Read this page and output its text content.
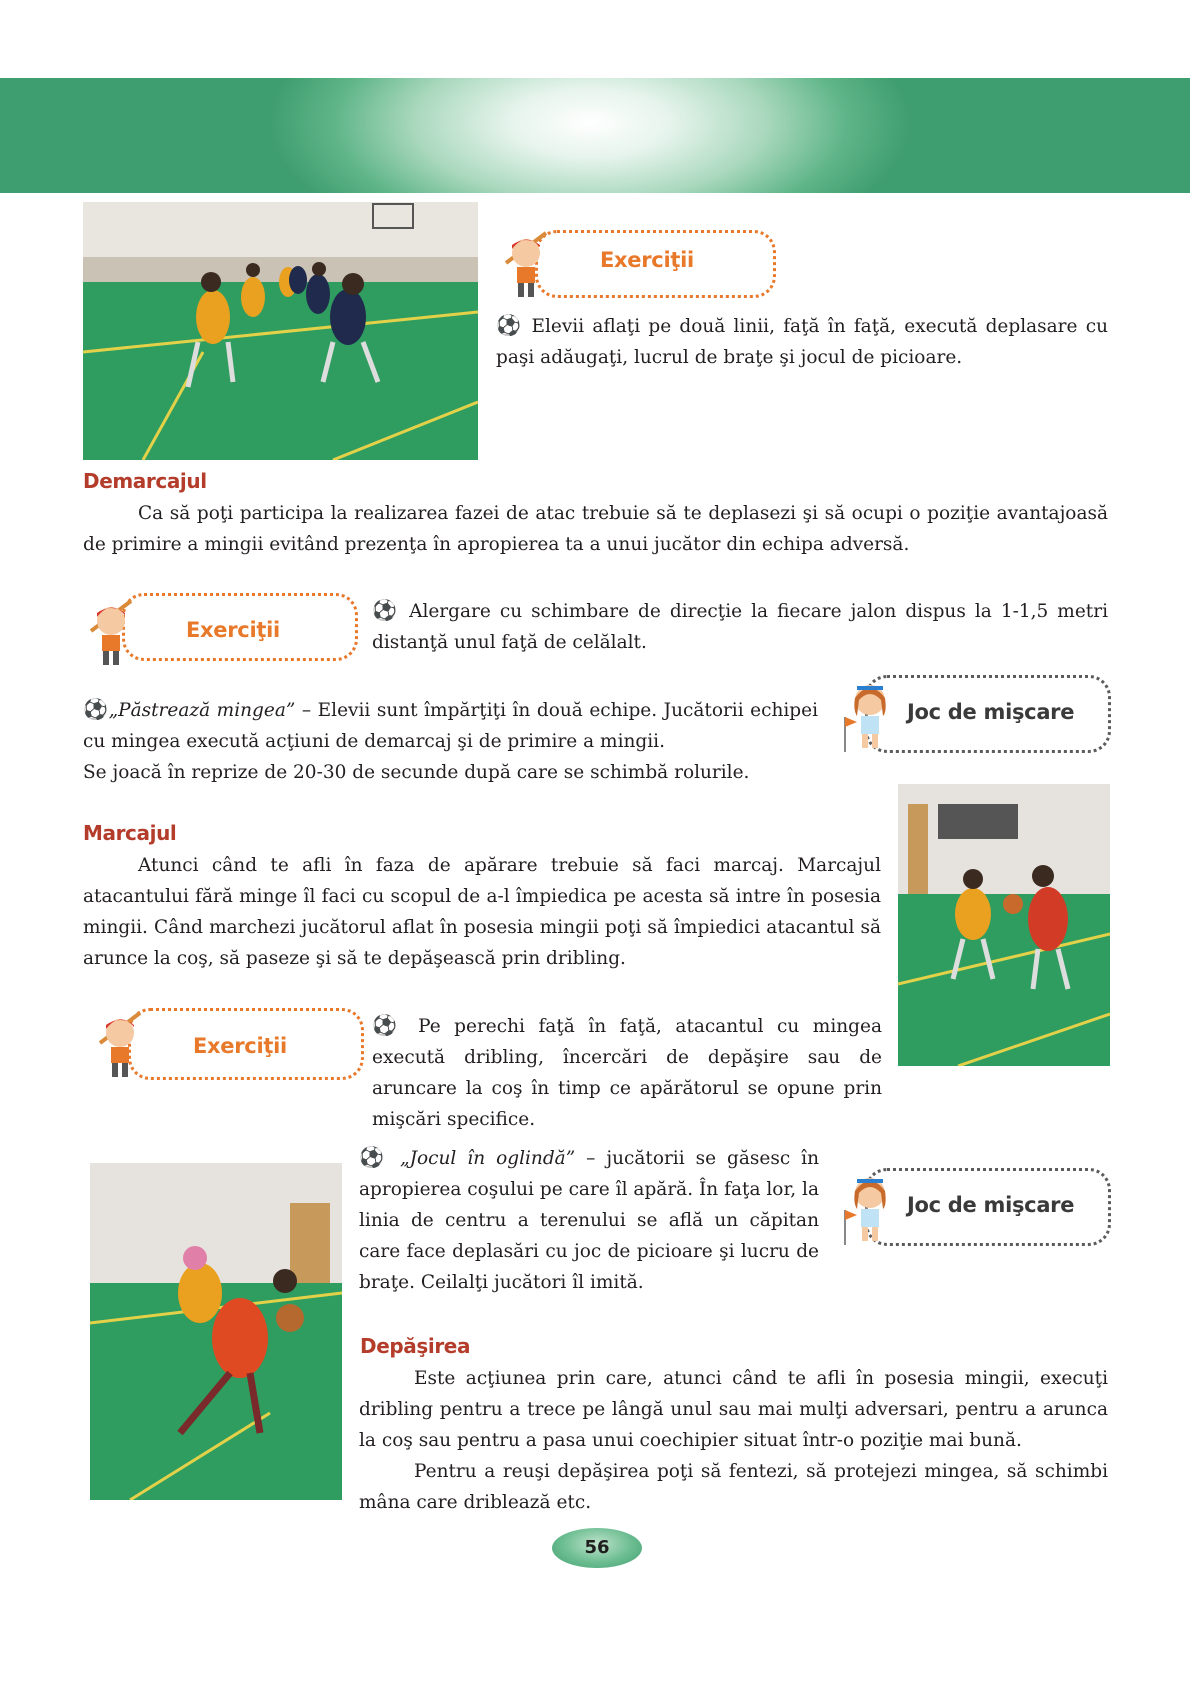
Exerciţii

⚽ Elevii aflaţi pe două linii, faţă în faţă, execută deplasare cu paşi adăugaţi, lucrul de braţe şi jocul de picioare.

Demarcajul

Ca să poţi participa la realizarea fazei de atac trebuie să te deplasezi şi să ocupi o poziţie avantajoasă de primire a mingii evitând prezenţa în apropierea ta a unui jucător din echipa adversă.

Exerciţii

⚽ Alergare cu schimbare de direcţie la fiecare jalon dispus la 1-1,5 metri distanţă unul faţă de celălalt.

⚽„Păstrează mingea” – Elevii sunt împărţiţi în două echipe. Jucătorii echipei cu mingea execută acţiuni de demarcaj şi de primire a mingii.
Se joacă în reprize de 20-30 de secunde după care se schimbă rolurile.

Joc de mişcare
Marcajul

Atunci când te afli în faza de apărare trebuie să faci marcaj. Marcajul atacantului fără minge îl faci cu scopul de a-l împiedica pe acesta să intre în posesia mingii. Când marchezi jucătorul aflat în posesia mingii poţi să împiedici atacantul să arunce la coş, să paseze şi să te depăşească prin dribling.

Exerciţii

⚽ Pe perechi faţă în faţă, atacantul cu mingea execută dribling, încercări de depăşire sau de aruncare la coş în timp ce apărătorul se opune prin mişcări specifice.

⚽ „Jocul în oglindă” – jucătorii se găsesc în apropierea coşului pe care îl apără. În faţa lor, la linia de centru a terenului se află un căpitan care face deplasări cu joc de picioare şi lucru de braţe. Ceilalţi jucători îl imită.

Joc de mişcare
Depăşirea

Este acţiunea prin care, atunci când te afli în posesia mingii, execuţi dribling pentru a trece pe lângă unul sau mai mulţi adversari, pentru a arunca la coş sau pentru a pasa unui coechipier situat într-o poziţie mai bună.
Pentru a reuşi depăşirea poţi să fentezi, să protejezi mingea, să schimbi mâna care driblează etc.

56
